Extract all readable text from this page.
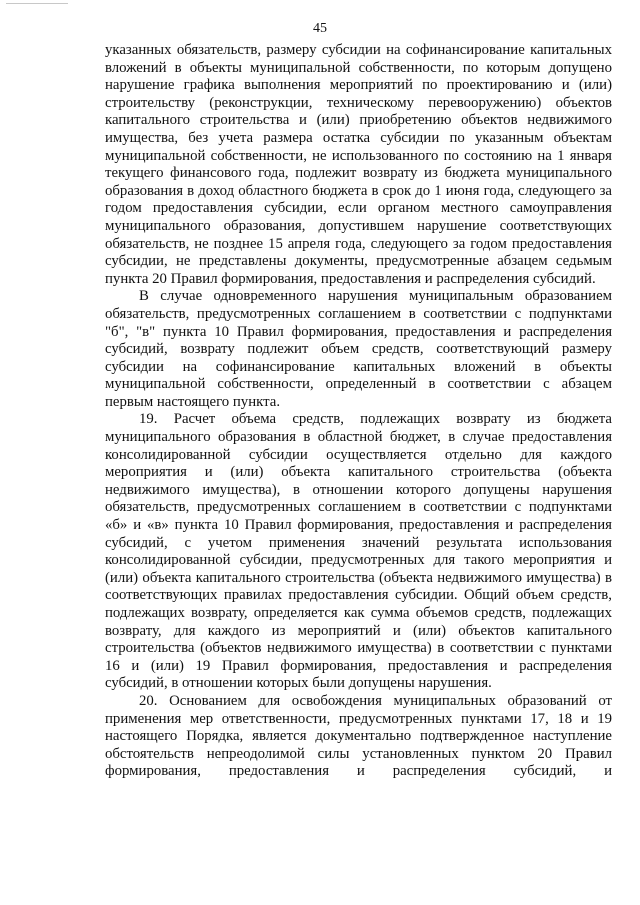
45

указанных обязательств, размеру субсидии на софинансирование капитальных вложений в объекты муниципальной собственности, по которым допущено нарушение графика выполнения мероприятий по проектированию и (или) строительству (реконструкции, техническому перевооружению) объектов капитального строительства и (или) приобретению объектов недвижимого имущества, без учета размера остатка субсидии по указанным объектам муниципальной собственности, не использованного по состоянию на 1 января текущего финансового года, подлежит возврату из бюджета муниципального образования в доход областного бюджета в срок до 1 июня года, следующего за годом предоставления субсидии, если органом местного самоуправления муниципального образования, допустившем нарушение соответствующих обязательств, не позднее 15 апреля года, следующего за годом предоставления субсидии, не представлены документы, предусмотренные абзацем седьмым пункта 20 Правил формирования, предоставления и распределения субсидий.

В случае одновременного нарушения муниципальным образованием обязательств, предусмотренных соглашением в соответствии с подпунктами "б", "в" пункта 10 Правил формирования, предоставления и распределения субсидий, возврату подлежит объем средств, соответствующий размеру субсидии на софинансирование капитальных вложений в объекты муниципальной собственности, определенный в соответствии с абзацем первым настоящего пункта.

19. Расчет объема средств, подлежащих возврату из бюджета муниципального образования в областной бюджет, в случае предоставления консолидированной субсидии осуществляется отдельно для каждого мероприятия и (или) объекта капитального строительства (объекта недвижимого имущества), в отношении которого допущены нарушения обязательств, предусмотренных соглашением в соответствии с подпунктами «б» и «в» пункта 10 Правил формирования, предоставления и распределения субсидий, с учетом применения значений результата использования консолидированной субсидии, предусмотренных для такого мероприятия и (или) объекта капитального строительства (объекта недвижимого имущества) в соответствующих правилах предоставления субсидии. Общий объем средств, подлежащих возврату, определяется как сумма объемов средств, подлежащих возврату, для каждого из мероприятий и (или) объектов капитального строительства (объектов недвижимого имущества) в соответствии с пунктами 16 и (или) 19 Правил формирования, предоставления и распределения субсидий, в отношении которых были допущены нарушения.

20. Основанием для освобождения муниципальных образований от применения мер ответственности, предусмотренных пунктами 17, 18 и 19 настоящего Порядка, является документально подтвержденное наступление обстоятельств непреодолимой силы установленных пунктом 20 Правил формирования, предоставления и распределения субсидий, и
